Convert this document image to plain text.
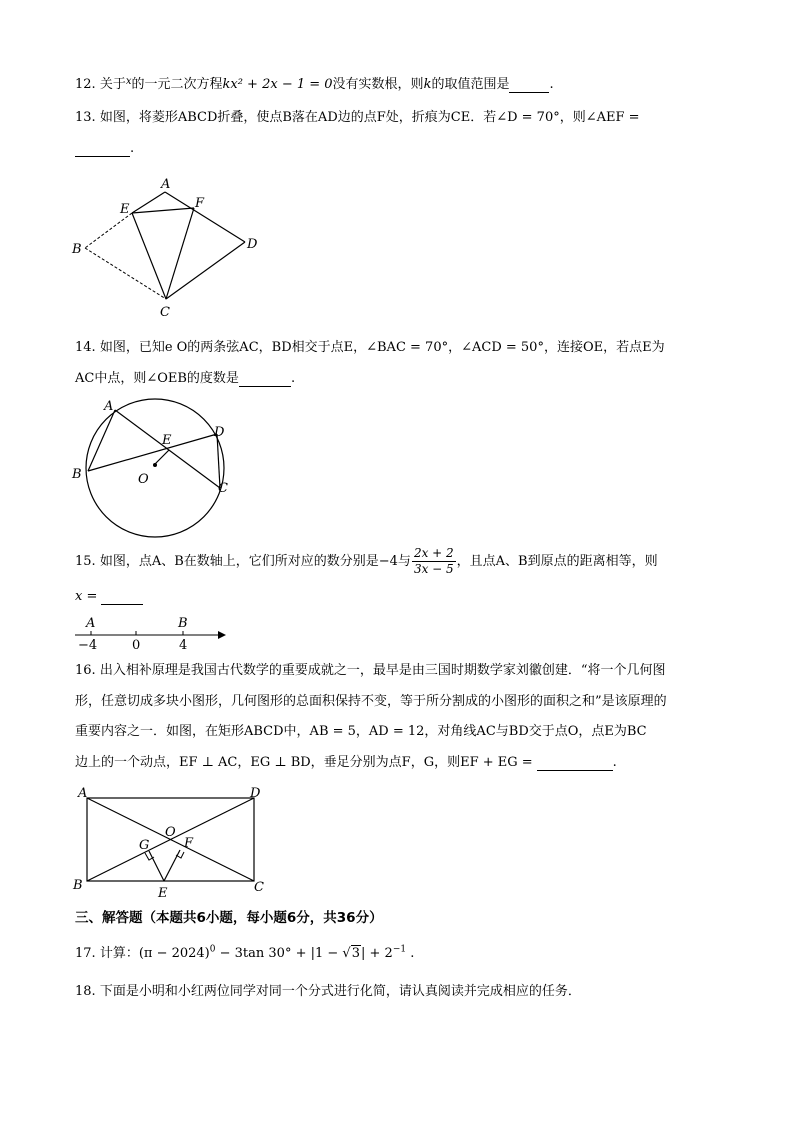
12. 关于$^x$的一元二次方程kx² + 2x − 1 = 0没有实数根，则k的取值范围是	.
13. 如图，将菱形ABCD折叠，使点B落在AD边的点F处，折痕为CE．若∠D = 70°，则∠AEF =
.
A
E	F
B	D
C
14. 如图，已知e O的两条弦AC，BD相交于点E，∠BAC = 70°，∠ACD = 50°，连接OE，若点E为
AC中点，则∠OEB的度数是	.
A
E
D
B	O
C
15. 如图，点A、B在数轴上，它们所对应的数分别是−4与 $\frac{2x + 2}{3x - 5}$ ，且点A、B到原点的距离相等，则
x =
A	B
−4	0	4
16. 出入相补原理是我国古代数学的重要成就之一，最早是由三国时期数学家刘徽创建．“将一个几何图
形，任意切成多块小图形，几何图形的总面积保持不变，等于所分割成的小图形的面积之和”是该原理的
重要内容之一．如图，在矩形ABCD中，AB = 5，AD = 12，对角线AC与BD交于点O，点E为BC
边上的一个动点，EF ⊥ AC，EG ⊥ BD，垂足分别为点F，G，则EF + EG =	.
A	D
O
G	F
B
E	C
三、解答题（本题共6小题，每小题6分，共36分）
17. 计算：$(\pi - 2024)^0 - 3\tan$ $30^\circ + |1 - √3| + 2^{-1}$ .
18. 下面是小明和小红两位同学对同一个分式进行化简，请认真阅读并完成相应的任务．
